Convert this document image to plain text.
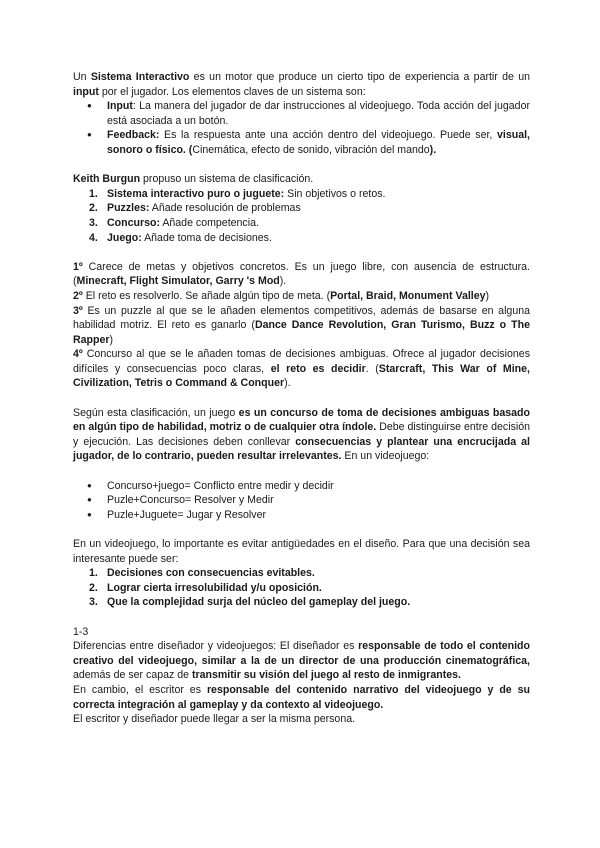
Un Sistema Interactivo es un motor que produce un cierto tipo de experiencia a partir de un input por el jugador. Los elementos claves de un sistema son:

● Input: La manera del jugador de dar instrucciones al videojuego. Toda acción del jugador está asociada a un botón.
● Feedback: Es la respuesta ante una acción dentro del videojuego. Puede ser, visual, sonoro o físico. (Cinemática, efecto de sonido, vibración del mando).

Keith Burgun propuso un sistema de clasificación.

1. Sistema interactivo puro o juguete: Sin objetivos o retos.
2. Puzzles: Añade resolución de problemas
3. Concurso: Añade competencia.
4. Juego: Añade toma de decisiones.

1º Carece de metas y objetivos concretos. Es un juego libre, con ausencia de estructura. (Minecraft, Flight Simulator, Garry 's Mod).

2º El reto es resolverlo. Se añade algún tipo de meta. (Portal, Braid, Monument Valley)

3º Es un puzzle al que se le añaden elementos competitivos, además de basarse en alguna habilidad motriz. El reto es ganarlo (Dance Dance Revolution, Gran Turismo, Buzz o The Rapper)

4º Concurso al que se le añaden tomas de decisiones ambiguas. Ofrece al jugador decisiones difíciles y consecuencias poco claras, el reto es decidir. (Starcraft, This War of Mine, Civilization, Tetris o Command & Conquer).

Según esta clasificación, un juego es un concurso de toma de decisiones ambiguas basado en algún tipo de habilidad, motriz o de cualquier otra índole. Debe distinguirse entre decisión y ejecución. Las decisiones deben conllevar consecuencias y plantear una encrucijada al jugador, de lo contrario, pueden resultar irrelevantes. En un videojuego:

● Concurso+juego= Conflicto entre medir y decidir
● Puzle+Concurso= Resolver y Medir
● Puzle+Juguete= Jugar y Resolver

En un videojuego, lo importante es evitar antigüedades en el diseño. Para que una decisión sea interesante puede ser:

1. Decisiones con consecuencias evitables.
2. Lograr cierta irresolubilidad y/u oposición.
3. Que la complejidad surja del núcleo del gameplay del juego.

1-3

Diferencias entre diseñador y videojuegos: El diseñador es responsable de todo el contenido creativo del videojuego, similar a la de un director de una producción cinematográfica, además de ser capaz de transmitir su visión del juego al resto de inmigrantes.

En cambio, el escritor es responsable del contenido narrativo del videojuego y de su correcta integración al gameplay y da contexto al videojuego.

El escritor y diseñador puede llegar a ser la misma persona.
